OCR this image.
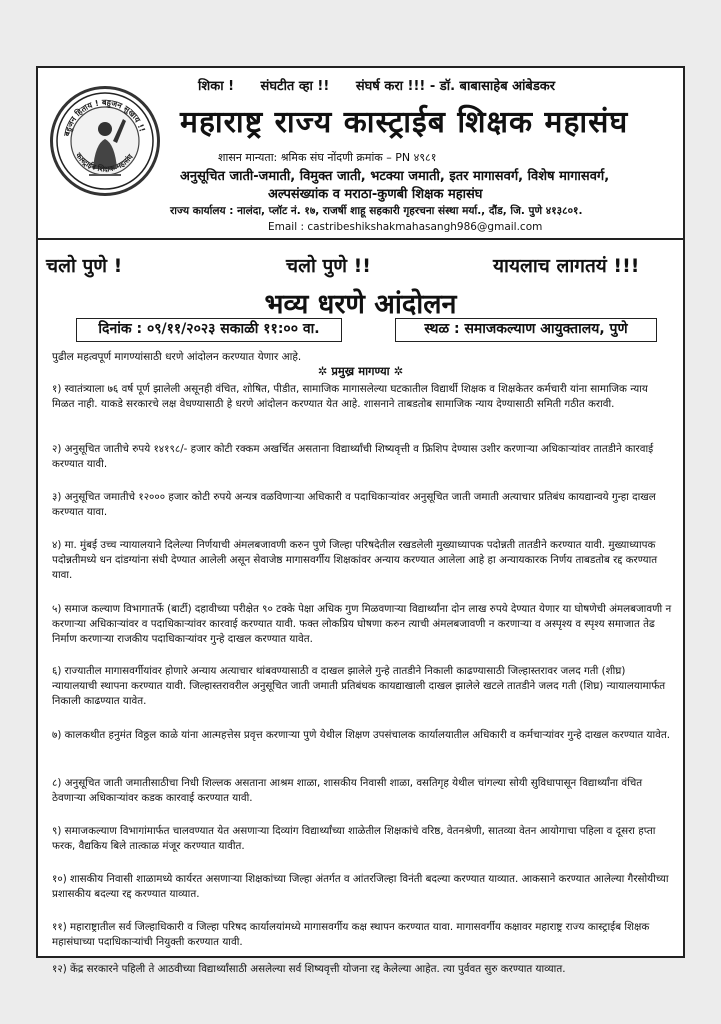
बहुजन हिताय ! बहुजन सुखाय !!
कास्ट्राईब शिक्षक महासंघ
शिका ! संघटीत व्हा !! संघर्ष करा !!! - डॉ. बाबासाहेब आंबेडकर
महाराष्ट्र राज्य कास्ट्राईब शिक्षक महासंघ
शासन मान्यता: श्रमिक संघ नोंदणी क्रमांक – PN ४९८१
अनुसूचित जाती-जमाती, विमुक्त जाती, भटक्या जमाती, इतर मागासवर्ग, विशेष मागासवर्ग,
अल्पसंख्यांक व मराठा-कुणबी शिक्षक महासंघ
राज्य कार्यालय : नालंदा, प्लॉट नं. १७, राजर्षी शाहू सहकारी गृहरचना संस्था मर्या., दौंड, जि. पुणे ४१३८०१.
Email : castribeshikshakmahasangh986@gmail.com
चलो पुणे !	चलो पुणे !!	यायलाच लागतयं !!!
भव्य धरणे आंदोलन
दिनांक : ०९/११/२०२३ सकाळी ११:०० वा.	स्थळ : समाजकल्याण आयुक्तालय, पुणे
पुढील महत्वपूर्ण मागण्यांसाठी धरणे आंदोलन करण्यात येणार आहे.
✲ प्रमुख्र मागण्या ✲

१) स्वातंत्र्याला ७६ वर्ष पूर्ण झालेली असूनही वंचित, शोषित, पीडीत, सामाजिक मागासलेल्या घटकातील विद्यार्थी शिक्षक व शिक्षकेतर कर्मचारी यांना सामाजिक न्याय मिळत नाही. याकडे सरकारचे लक्ष वेधण्यासाठी हे धरणे आंदोलन करण्यात येत आहे. शासनाने ताबडतोब सामाजिक न्याय देण्यासाठी समिती गठीत करावी.

२) अनुसूचित जातीचे रुपये १४१९८/- हजार कोटी रक्कम अखर्चित असताना विद्यार्थ्यांची शिष्यवृत्ती व फ्रिशिप देण्यास उशीर करणाऱ्या अधिकाऱ्यांवर तातडीने कारवाई करण्यात यावी.

३) अनुसूचित जमातीचे १२००० हजार कोटी रुपये अन्यत्र वळविणाऱ्या अधिकारी व पदाधिकाऱ्यांवर अनुसूचित जाती जमाती अत्याचार प्रतिबंध कायद्यान्वये गुन्हा दाखल करण्यात यावा.

४) मा. मुंबई उच्च न्यायालयाने दिलेल्या निर्णयाची अंमलबजावणी करुन पुणे जिल्हा परिषदेतील रखडलेली मुख्याध्यापक पदोन्नती तातडीने करण्यात यावी. मुख्याध्यापक पदोन्नतीमध्ये धन दांडग्यांना संधी देण्यात आलेली असून सेवाजेष्ठ मागासवर्गीय शिक्षकांवर अन्याय करण्यात आलेला आहे हा अन्यायकारक निर्णय ताबडतोब रद्द करण्यात यावा.

५) समाज कल्याण विभागातर्फे (बार्टी) दहावीच्या परीक्षेत ९० टक्के पेक्षा अधिक गुण मिळवणाऱ्या विद्यार्थ्यांना दोन लाख रुपये देण्यात येणार या घोषणेची अंमलबजावणी न करणाऱ्या अधिकाऱ्यांवर व पदाधिकाऱ्यांवर कारवाई करण्यात यावी. फक्त लोकप्रिय घोषणा करुन त्याची अंमलबजावणी न करणाऱ्या व अस्पृश्य व स्पृश्य समाजात तेढ निर्माण करणाऱ्या राजकीय पदाधिकाऱ्यांवर गुन्हे दाखल करण्यात यावेत.

६) राज्यातील मागासवर्गीयांवर होणारे अन्याय अत्याचार थांबवण्यासाठी व दाखल झालेले गुन्हे तातडीने निकाली काढण्यासाठी जिल्हास्तरावर जलद गती (शीघ्र) न्यायालयाची स्थापना करण्यात यावी. जिल्हास्तरावरील अनुसूचित जाती जमाती प्रतिबंधक कायद्याखाली दाखल झालेले खटले तातडीने जलद गती (शिघ्र) न्यायालयामार्फत निकाली काढण्यात यावेत.

७) कालकथीत हनुमंत विठ्ठल काळे यांना आत्महत्तेस प्रवृत्त करणाऱ्या पुणे येथील शिक्षण उपसंचालक कार्यालयातील अधिकारी व कर्मचाऱ्यांवर गुन्हे दाखल करण्यात यावेत.

८) अनुसूचित जाती जमातीसाठीचा निधी शिल्लक असताना आश्रम शाळा, शासकीय निवासी शाळा, वसतिगृह येथील चांगल्या सोयी सुविधापासून विद्यार्थ्यांना वंचित ठेवणाऱ्या अधिकाऱ्यांवर कडक कारवाई करण्यात यावी.

९) समाजकल्याण विभागांमार्फत चालवण्यात येत असणाऱ्या दिव्यांग विद्यार्थ्यांच्या शाळेतील शिक्षकांचे वरिष्ठ, वेतनश्रेणी, सातव्या वेतन आयोगाचा पहिला व दूसरा हप्ता फरक, वैद्यकिय बिले तात्काळ मंजूर करण्यात यावीत.

१०) शासकीय निवासी शाळामध्ये कार्यरत असणाऱ्या शिक्षकांच्या जिल्हा अंतर्गत व आंतरजिल्हा विनंती बदल्या करण्यात याव्यात. आकसाने करण्यात आलेल्या गैरसोयीच्या प्रशासकीय बदल्या रद्द करण्यात याव्यात.

११) महाराष्ट्रातील सर्व जिल्हाधिकारी व जिल्हा परिषद कार्यालयांमध्ये मागासवर्गीय कक्ष स्थापन करण्यात यावा. मागासवर्गीय कक्षावर महाराष्ट्र राज्य कास्ट्राईब शिक्षक महासंघाच्या पदाधिकाऱ्यांची नियुक्ती करण्यात यावी.

१२) केंद्र सरकारने पहिली ते आठवीच्या विद्यार्थ्यांसाठी असलेल्या सर्व शिष्यवृत्ती योजना रद्द केलेल्या आहेत. त्या पुर्ववत सुरु करण्यात याव्यात.
